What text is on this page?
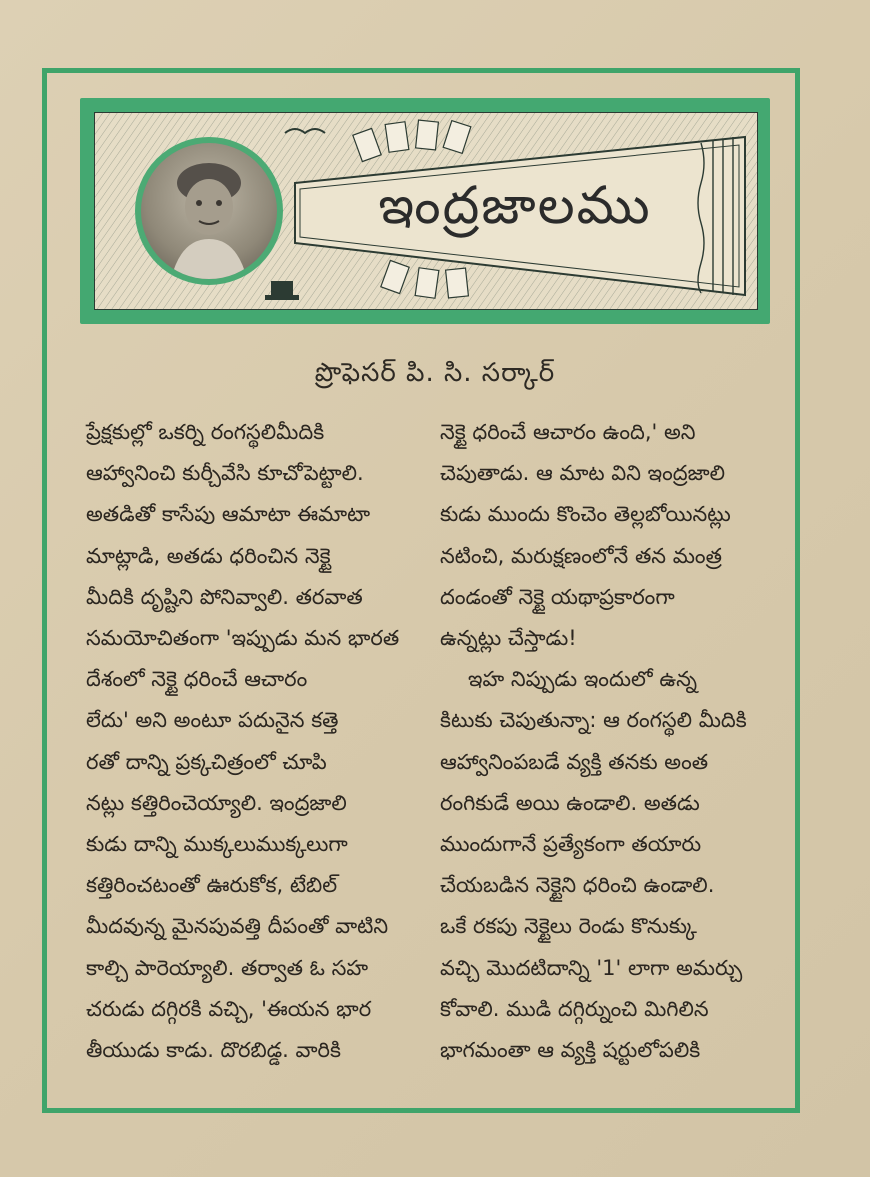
ఇంద్రజాలము
ప్రొఫెసర్ పి. సి. సర్కార్
ప్రేక్షకుల్లో ఒకర్ని రంగస్థలిమీదికి
ఆహ్వానించి కుర్చీవేసి కూచోపెట్టాలి.
అతడితో కాసేపు ఆమాటా ఈమాటా
మాట్లాడి, అతడు ధరించిన నెక్టై
మీదికి దృష్టిని పోనివ్వాలి. తరవాత
సమయోచితంగా 'ఇప్పుడు మన భారత
దేశంలో నెక్టై ధరించే ఆచారం
లేదు' అని అంటూ పదునైన కత్తె
రతో దాన్ని ప్రక్కచిత్రంలో చూపి
నట్లు కత్తిరించెయ్యాలి. ఇంద్రజాలి
కుడు దాన్ని ముక్కలుముక్కలుగా
కత్తిరించటంతో ఊరుకోక, టేబిల్
మీదవున్న మైనపువత్తి దీపంతో వాటిని
కాల్చి పారెయ్యాలి. తర్వాత ఓ సహ
చరుడు దగ్గిరకి వచ్చి, 'ఈయన భార
తీయుడు కాడు. దొరబిడ్డ. వారికి
నెక్టై ధరించే ఆచారం ఉంది,' అని
చెపుతాడు. ఆ మాట విని ఇంద్రజాలి
కుడు ముందు కొంచెం తెల్లబోయినట్లు
నటించి, మరుక్షణంలోనే తన మంత్ర
దండంతో నెక్టై యథాప్రకారంగా
ఉన్నట్లు చేస్తాడు!
ఇహ నిప్పుడు ఇందులో ఉన్న
కిటుకు చెపుతున్నా: ఆ రంగస్థలి మీదికి
ఆహ్వానింపబడే వ్యక్తి తనకు అంత
రంగికుడే అయి ఉండాలి. అతడు
ముందుగానే ప్రత్యేకంగా తయారు
చేయబడిన నెక్టైని ధరించి ఉండాలి.
ఒకే రకపు నెక్టైలు రెండు కొనుక్కు
వచ్చి మొదటిదాన్ని '1' లాగా అమర్చు
కోవాలి. ముడి దగ్గిర్నుంచి మిగిలిన
భాగమంతా ఆ వ్యక్తి షర్టులోపలికి
